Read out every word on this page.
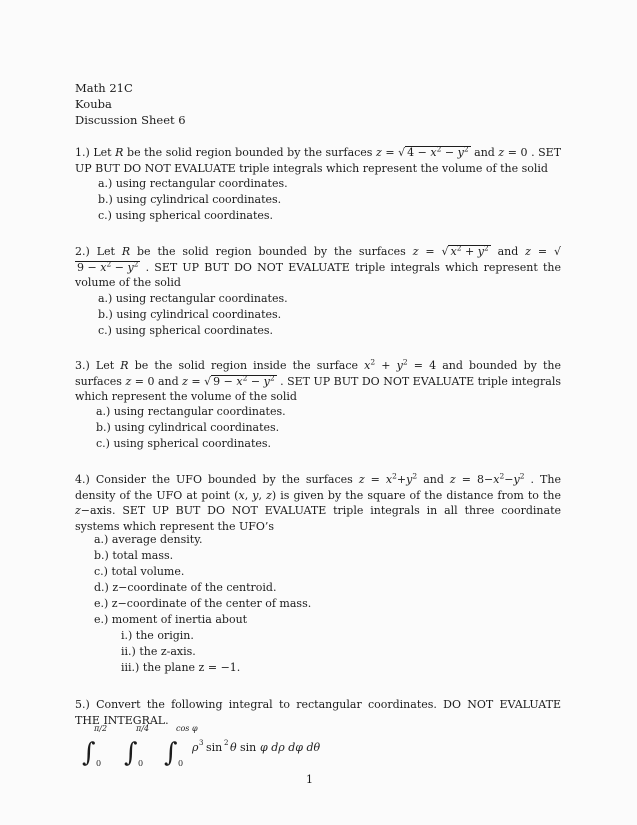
Math 21C
Kouba
Discussion Sheet 6
1.) Let R be the solid region bounded by the surfaces z = √ $4 - x^2 - y^2$ and z = 0 . SET UP BUT DO NOT EVALUATE triple integrals which represent the volume of the solid
a.) using rectangular coordinates.
b.) using cylindrical coordinates.
c.) using spherical coordinates.
2.) Let R be the solid region bounded by the surfaces z = √ $x^2 + y^2$ and $z = √9 - x^2 - y^2$ . SET UP BUT DO NOT EVALUATE triple integrals which represent the volume of the solid
a.) using rectangular coordinates.
b.) using cylindrical coordinates.
c.) using spherical coordinates.
3.) Let R be the solid region inside the surface $x^2 + y^2 = 4$ and bounded by the surfaces z = 0 and z = √ $9 - x^2 - y^2$ . SET UP BUT DO NOT EVALUATE triple integrals which represent the volume of the solid
a.) using rectangular coordinates.
b.) using cylindrical coordinates.
c.) using spherical coordinates.
4.) Consider the UFO bounded by the surfaces $z = x^2+y^2$ and $z = 8-x^2-y^2$ . The density of the UFO at point (x, y, z) is given by the square of the distance from to the z−axis. SET UP BUT DO NOT EVALUATE triple integrals in all three coordinate systems which represent the UFO’s
a.) average density.
b.) total mass.
c.) total volume.
d.) z−coordinate of the centroid.
e.) z−coordinate of the center of mass.
e.) moment of inertia about
i.) the origin.
ii.) the z-axis.
iii.) the plane z = −1.
5.) Convert the following integral to rectangular coordinates. DO NOT EVALUATE THE INTEGRAL.
∫
π/2
0 ∫
π/4
0 ∫
cos φ
0
ρ 3 sin 2 θ sin φ dρ dφ dθ
1
